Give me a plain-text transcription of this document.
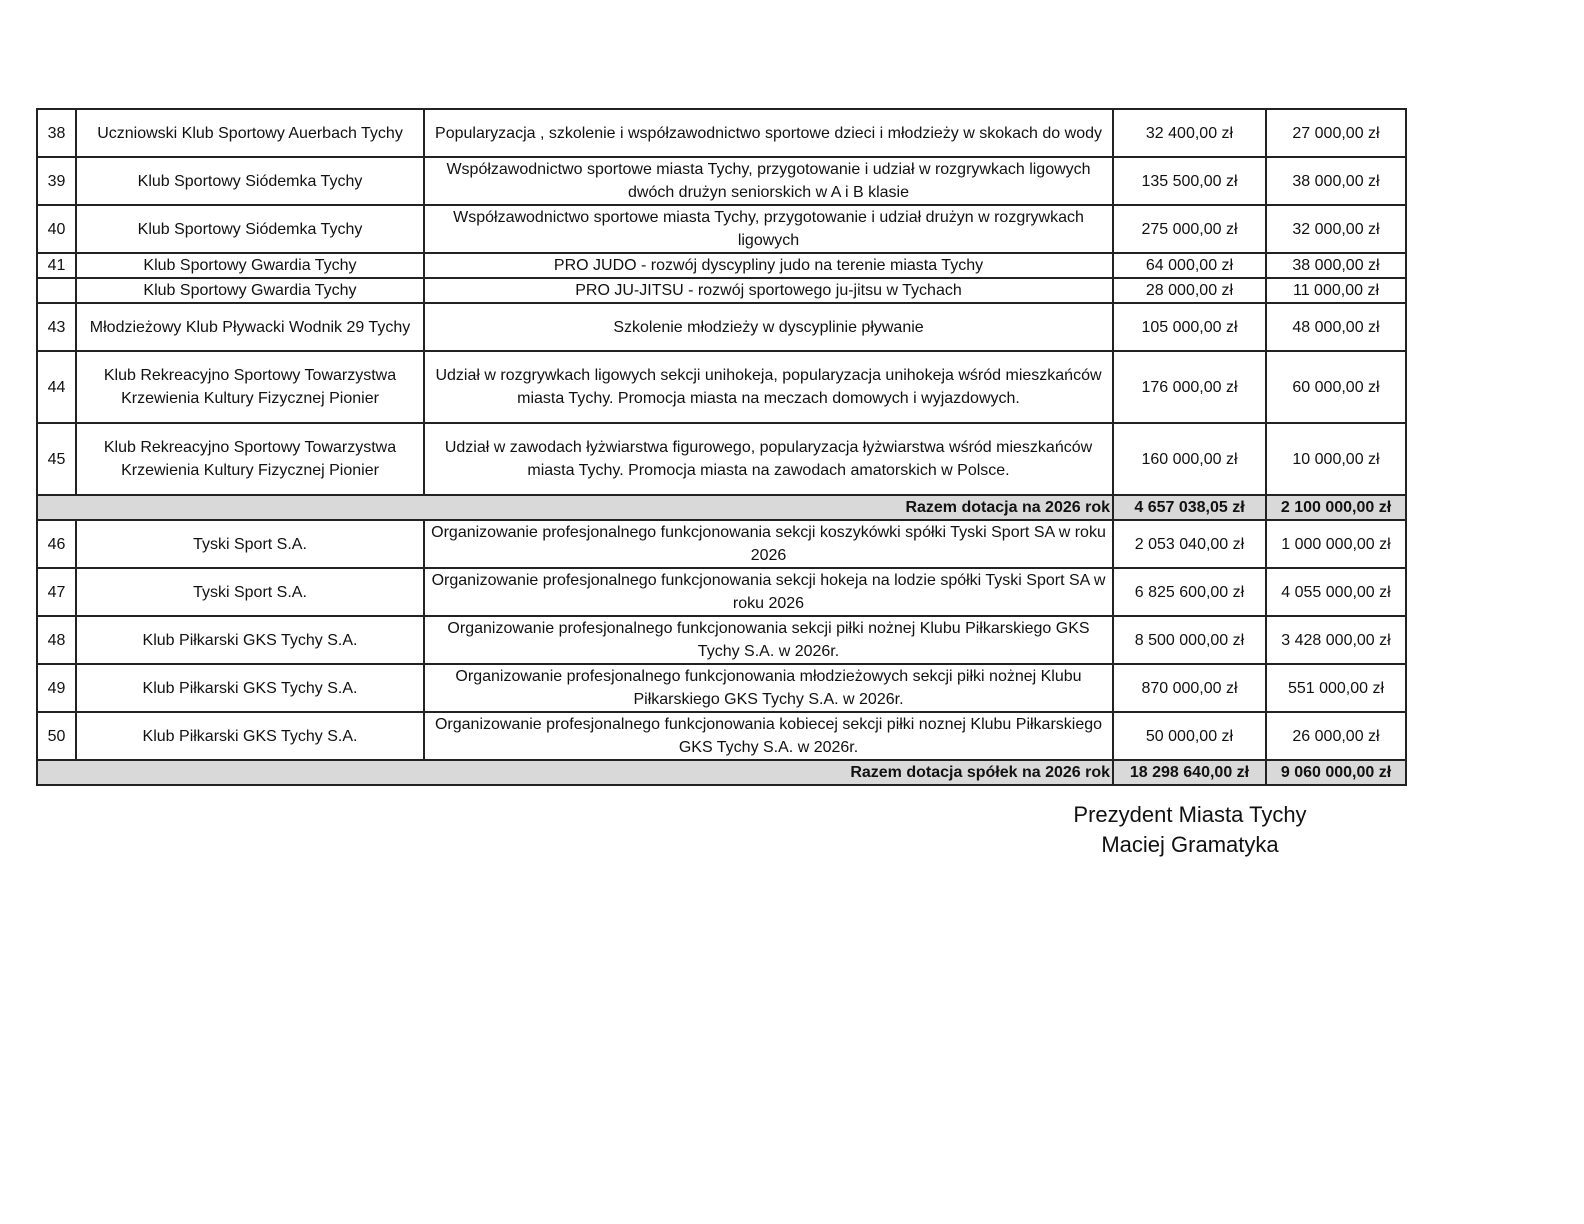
38	Uczniowski Klub Sportowy Auerbach Tychy	Popularyzacja , szkolenie i współzawodnictwo sportowe dzieci i młodzieży w skokach do wody	32 400,00 zł	27 000,00 zł
39	Klub Sportowy Siódemka Tychy	Współzawodnictwo sportowe miasta Tychy, przygotowanie i udział w rozgrywkach ligowych dwóch drużyn seniorskich w A i B klasie	135 500,00 zł	38 000,00 zł
40	Klub Sportowy Siódemka Tychy	Współzawodnictwo sportowe miasta Tychy, przygotowanie i udział drużyn w rozgrywkach ligowych	275 000,00 zł	32 000,00 zł
41	Klub Sportowy Gwardia Tychy	PRO JUDO - rozwój dyscypliny judo na terenie miasta Tychy	64 000,00 zł	38 000,00 zł
	Klub Sportowy Gwardia Tychy	PRO JU-JITSU - rozwój sportowego ju-jitsu w Tychach	28 000,00 zł	11 000,00 zł
43	Młodzieżowy Klub Pływacki Wodnik 29 Tychy	Szkolenie młodzieży w dyscyplinie pływanie	105 000,00 zł	48 000,00 zł
44	Klub Rekreacyjno Sportowy Towarzystwa Krzewienia Kultury Fizycznej Pionier	Udział w rozgrywkach ligowych sekcji unihokeja, popularyzacja unihokeja wśród mieszkańców miasta Tychy. Promocja miasta na meczach domowych i wyjazdowych.	176 000,00 zł	60 000,00 zł
45	Klub Rekreacyjno Sportowy Towarzystwa Krzewienia Kultury Fizycznej Pionier	Udział w zawodach łyżwiarstwa figurowego, popularyzacja łyżwiarstwa wśród mieszkańców miasta Tychy. Promocja miasta na zawodach amatorskich w Polsce.	160 000,00 zł	10 000,00 zł
Razem dotacja na 2026 rok			4 657 038,05 zł	2 100 000,00 zł
46	Tyski Sport S.A.	Organizowanie profesjonalnego funkcjonowania sekcji koszykówki spółki Tyski Sport SA w roku 2026	2 053 040,00 zł	1 000 000,00 zł
47	Tyski Sport S.A.	Organizowanie profesjonalnego funkcjonowania sekcji hokeja na lodzie spółki Tyski Sport SA w roku 2026	6 825 600,00 zł	4 055 000,00 zł
48	Klub Piłkarski GKS Tychy S.A.	Organizowanie profesjonalnego funkcjonowania sekcji piłki nożnej Klubu Piłkarskiego GKS Tychy S.A. w 2026r.	8 500 000,00 zł	3 428 000,00 zł
49	Klub Piłkarski GKS Tychy S.A.	Organizowanie profesjonalnego funkcjonowania młodzieżowych sekcji piłki nożnej Klubu Piłkarskiego GKS Tychy S.A. w 2026r.	870 000,00 zł	551 000,00 zł
50	Klub Piłkarski GKS Tychy S.A.	Organizowanie profesjonalnego funkcjonowania kobiecej sekcji piłki noznej Klubu Piłkarskiego GKS Tychy S.A. w 2026r.	50 000,00 zł	26 000,00 zł
Razem dotacja spółek na 2026 rok			18 298 640,00 zł	9 060 000,00 zł
Prezydent Miasta Tychy
Maciej Gramatyka
